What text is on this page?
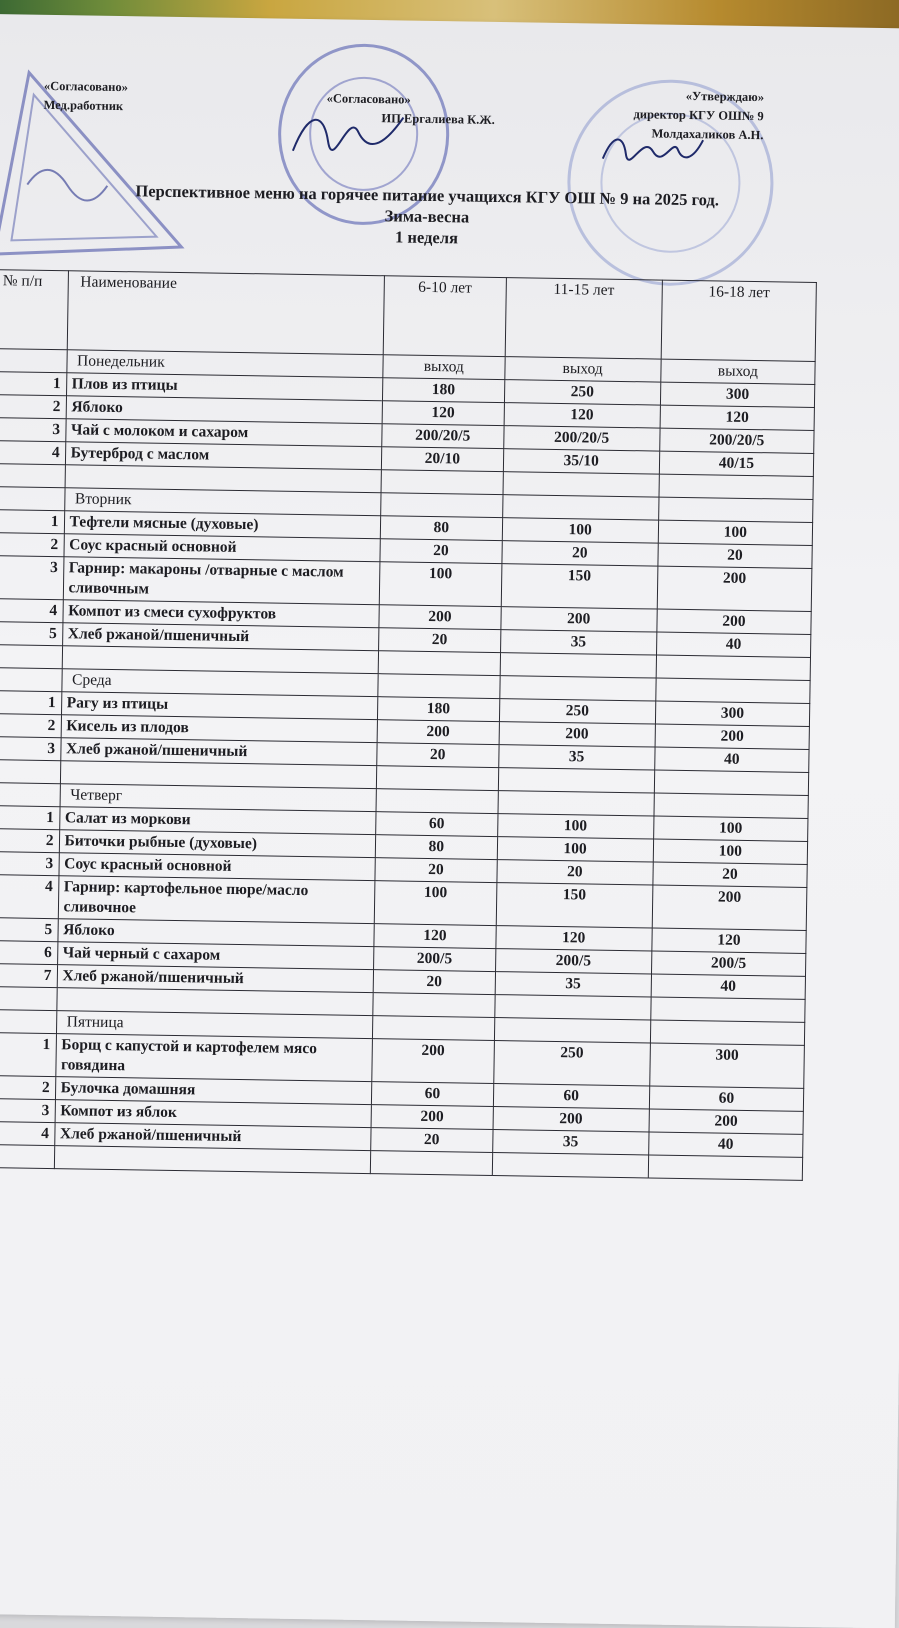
«Согласовано»
Мед.работник	«Согласовано»
ИП Ергалиева К.Ж.
«Утверждаю»
директор КГУ ОШ№ 9
Молдахаликов А.Н.
Перспективное меню на горячее питание учащихся КГУ ОШ № 9 на 2025 год.
Зима-весна
1 неделя
№ п/п	Наименование	6-10 лет	11-15 лет	16-18 лет
	Понедельник	выход	выход	выход
1	Плов из птицы	180	250	300
2	Яблоко	120	120	120
3	Чай с молоком и сахаром	200/20/5	200/20/5	200/20/5
4	Бутерброд с маслом	20/10	35/10	40/15

	Вторник			
1	Тефтели мясные (духовые)	80	100	100
2	Соус красный основной	20	20	20
3	Гарнир: макароны /отварные с маслом сливочным	100	150	200
4	Компот из смеси сухофруктов	200	200	200
5	Хлеб ржаной/пшеничный	20	35	40

	Среда			
1	Рагу из птицы	180	250	300
2	Кисель из плодов	200	200	200
3	Хлеб ржаной/пшеничный	20	35	40

	Четверг			
1	Салат из моркови	60	100	100
2	Биточки рыбные (духовые)	80	100	100
3	Соус красный основной	20	20	20
4	Гарнир: картофельное пюре/масло сливочное	100	150	200
5	Яблоко	120	120	120
6	Чай черный с сахаром	200/5	200/5	200/5
7	Хлеб ржаной/пшеничный	20	35	40

	Пятница			
1	Борщ с капустой и картофелем мясо говядина	200	250	300
2	Булочка домашняя	60	60	60
3	Компот из яблок	200	200	200
4	Хлеб ржаной/пшеничный	20	35	40
